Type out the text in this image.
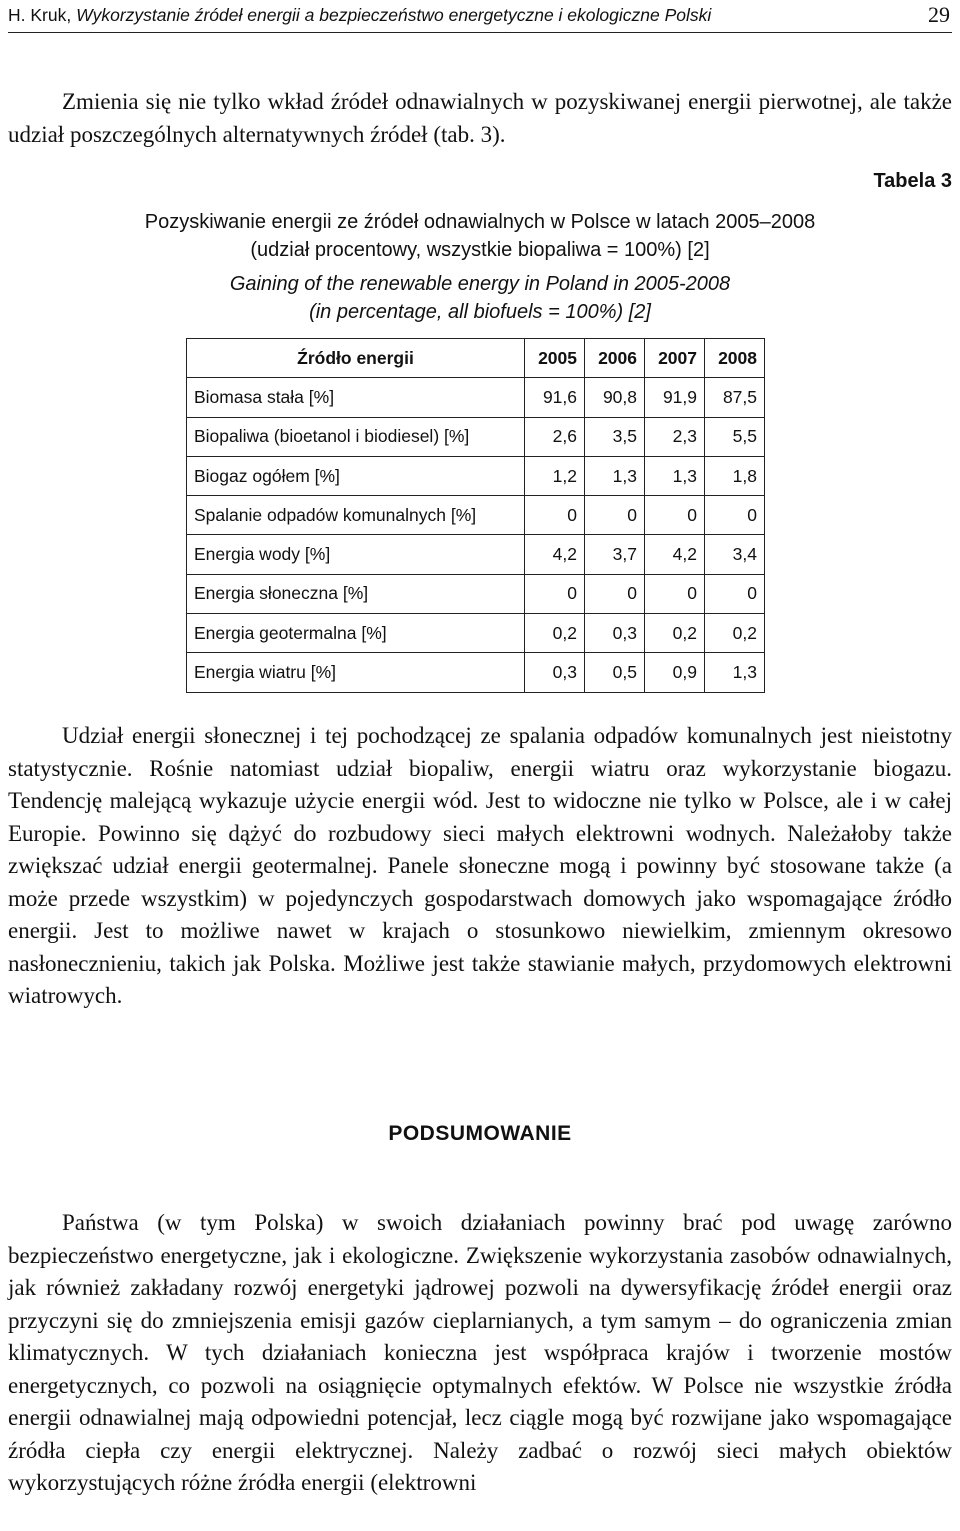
H. Kruk, Wykorzystanie źródeł energii a bezpieczeństwo energetyczne i ekologiczne Polski	29

Zmienia się nie tylko wkład źródeł odnawialnych w pozyskiwanej energii pierwotnej, ale także udział poszczególnych alternatywnych źródeł (tab. 3).

Tabela 3
Pozyskiwanie energii ze źródeł odnawialnych w Polsce w latach 2005–2008
(udział procentowy, wszystkie biopaliwa = 100%) [2]
Gaining of the renewable energy in Poland in 2005-2008
(in percentage, all biofuels = 100%) [2]
Źródło energii	2005	2006	2007	2008
Biomasa stała [%]	91,6	90,8	91,9	87,5
Biopaliwa (bioetanol i biodiesel) [%]	2,6	3,5	2,3	5,5
Biogaz ogółem [%]	1,2	1,3	1,3	1,8
Spalanie odpadów komunalnych [%]	0	0	0	0
Energia wody [%]	4,2	3,7	4,2	3,4
Energia słoneczna [%]	0	0	0	0
Energia geotermalna [%]	0,2	0,3	0,2	0,2
Energia wiatru [%]	0,3	0,5	0,9	1,3

Udział energii słonecznej i tej pochodzącej ze spalania odpadów komunalnych jest nieistotny statystycznie. Rośnie natomiast udział biopaliw, energii wiatru oraz wykorzystanie biogazu. Tendencję malejącą wykazuje użycie energii wód. Jest to widoczne nie tylko w Polsce, ale i w całej Europie. Powinno się dążyć do rozbudowy sieci małych elektrowni wodnych. Należałoby także zwiększać udział energii geotermalnej. Panele słoneczne mogą i powinny być stosowane także (a może przede wszystkim) w pojedynczych gospodarstwach domowych jako wspomagające źródło energii. Jest to możliwe nawet w krajach o stosunkowo niewielkim, zmiennym okresowo nasłonecznieniu, takich jak Polska. Możliwe jest także stawianie małych, przydomowych elektrowni wiatrowych.

PODSUMOWANIE

Państwa (w tym Polska) w swoich działaniach powinny brać pod uwagę zarówno bezpieczeństwo energetyczne, jak i ekologiczne. Zwiększenie wykorzystania zasobów odnawialnych, jak również zakładany rozwój energetyki jądrowej pozwoli na dywersyfikację źródeł energii oraz przyczyni się do zmniejszenia emisji gazów cieplarnianych, a tym samym – do ograniczenia zmian klimatycznych. W tych działaniach konieczna jest współpraca krajów i tworzenie mostów energetycznych, co pozwoli na osiągnięcie optymalnych efektów. W Polsce nie wszystkie źródła energii odnawialnej mają odpowiedni potencjał, lecz ciągle mogą być rozwijane jako wspomagające źródła ciepła czy energii elektrycznej. Należy zadbać o rozwój sieci małych obiektów wykorzystujących różne źródła energii (elektrowni
